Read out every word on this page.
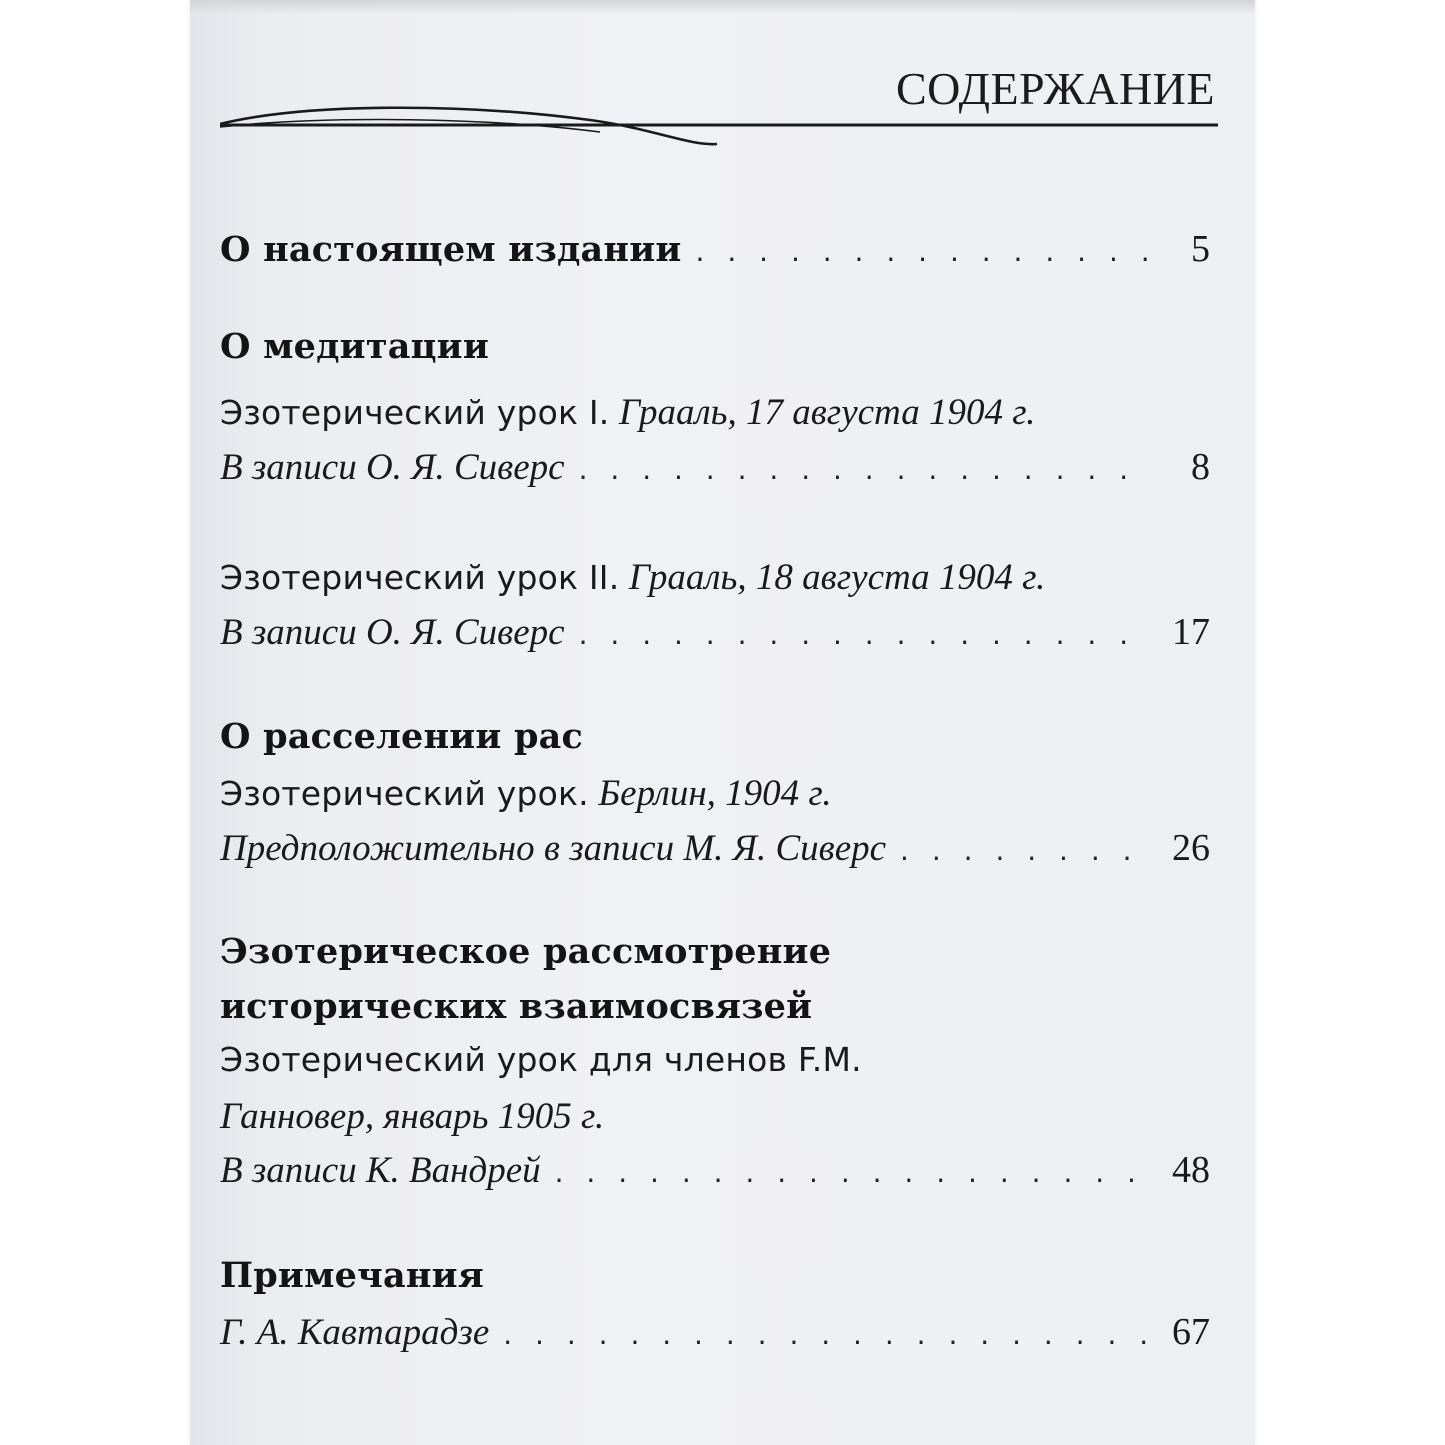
СОДЕРЖАНИЕ
О настоящем издании . . .	5
О медитации
Эзотерический урок I.
Грааль, 17 августа 1904 г.
В записи О. Я. Сиверс . . .	8
Эзотерический урок II.
Грааль, 18 августа 1904 г.
В записи О. Я. Сиверс . . .	17
О расселении рас
Эзотерический урок.
Берлин, 1904 г.
Предположительно в записи М. Я. Сиверс . . .	26
Эзотерическое рассмотрение
исторических взаимосвязей
Эзотерический урок для членов F.M.
Ганновер, январь 1905 г.
В записи К. Вандрей . . .	48
Примечания
Г. А. Кавтарадзе . . .	67
